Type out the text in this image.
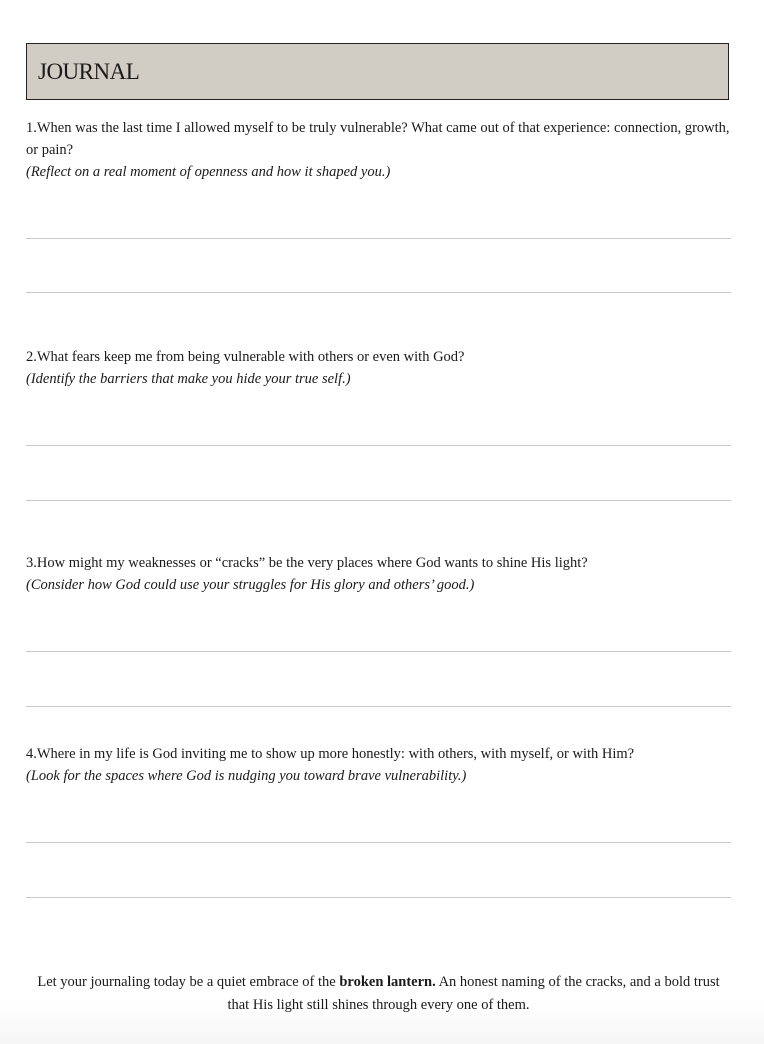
JOURNAL
1.When was the last time I allowed myself to be truly vulnerable? What came out of that experience: connection, growth, or pain?
(Reflect on a real moment of openness and how it shaped you.)
2.What fears keep me from being vulnerable with others or even with God?
(Identify the barriers that make you hide your true self.)
3.How might my weaknesses or “cracks” be the very places where God wants to shine His light?
(Consider how God could use your struggles for His glory and others’ good.)
4.Where in my life is God inviting me to show up more honestly: with others, with myself, or with Him?
(Look for the spaces where God is nudging you toward brave vulnerability.)
Let your journaling today be a quiet embrace of the broken lantern. An honest naming of the cracks, and a bold trust that His light still shines through every one of them.
